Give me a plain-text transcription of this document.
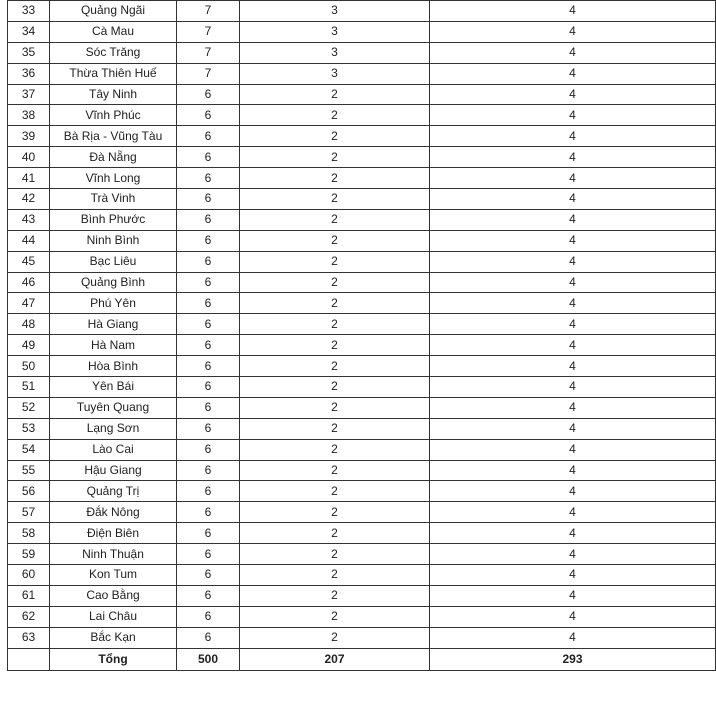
33	Quảng Ngãi	7	3	4
34	Cà Mau	7	3	4
35	Sóc Trăng	7	3	4
36	Thừa Thiên Huế	7	3	4
37	Tây Ninh	6	2	4
38	Vĩnh Phúc	6	2	4
39	Bà Rịa - Vũng Tàu	6	2	4
40	Đà Nẵng	6	2	4
41	Vĩnh Long	6	2	4
42	Trà Vinh	6	2	4
43	Bình Phước	6	2	4
44	Ninh Bình	6	2	4
45	Bạc Liêu	6	2	4
46	Quảng Bình	6	2	4
47	Phú Yên	6	2	4
48	Hà Giang	6	2	4
49	Hà Nam	6	2	4
50	Hòa Bình	6	2	4
51	Yên Bái	6	2	4
52	Tuyên Quang	6	2	4
53	Lạng Sơn	6	2	4
54	Lào Cai	6	2	4
55	Hậu Giang	6	2	4
56	Quảng Trị	6	2	4
57	Đắk Nông	6	2	4
58	Điện Biên	6	2	4
59	Ninh Thuận	6	2	4
60	Kon Tum	6	2	4
61	Cao Bằng	6	2	4
62	Lai Châu	6	2	4
63	Bắc Kạn	6	2	4
	Tổng	500	207	293
